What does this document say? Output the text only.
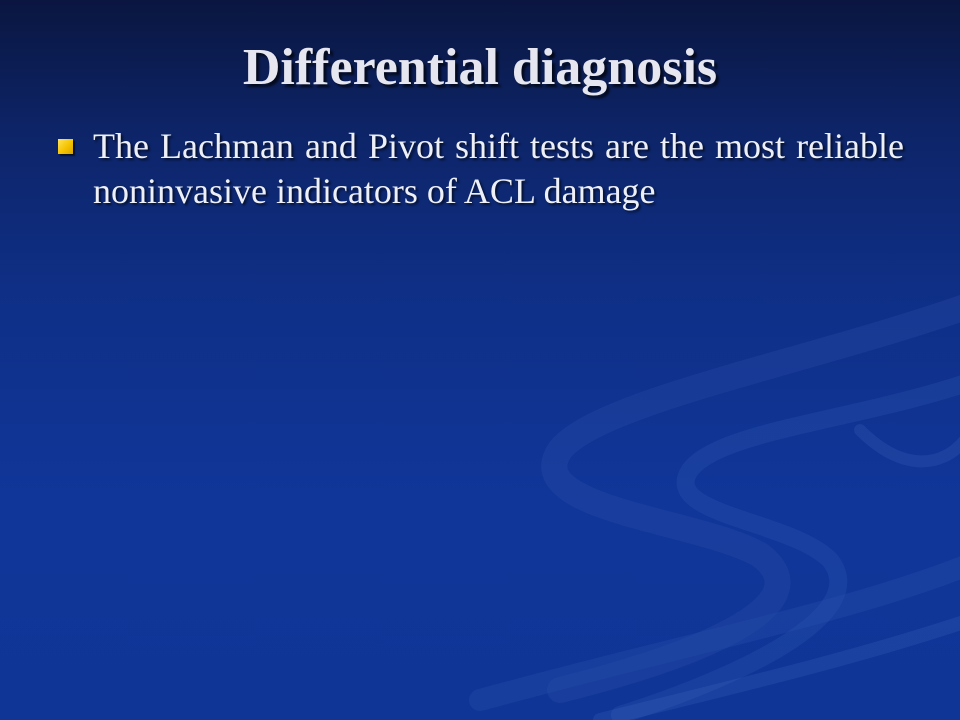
Differential diagnosis
The Lachman and Pivot shift tests are the most reliable noninvasive indicators of ACL damage
